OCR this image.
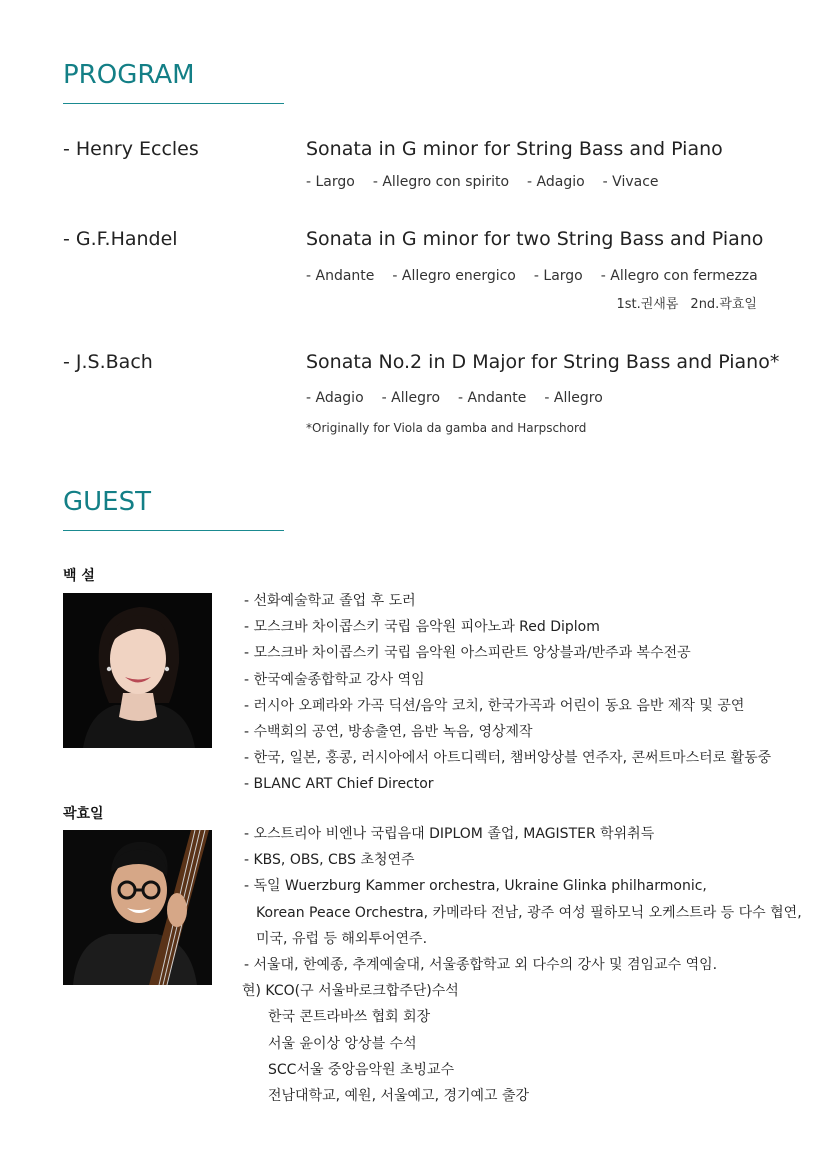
PROGRAM
- Henry Eccles	Sonata in G minor for String Bass and Piano
- Largo - Allegro con spirito - Adagio - Vivace
- G.F.Handel	Sonata in G minor for two String Bass and Piano
- Andante - Allegro energico - Largo - Allegro con fermezza
1st.권새롬 2nd.곽효일
- J.S.Bach	Sonata No.2 in D Major for String Bass and Piano*
- Adagio - Allegro - Andante - Allegro
*Originally for Viola da gamba and Harpschord
GUEST
백 설
- 선화예술학교 졸업 후 도러
- 모스크바 차이콥스키 국립 음악원 피아노과 Red Diplom
- 모스크바 차이콥스키 국립 음악원 아스피란트 앙상블과/반주과 복수전공
- 한국예술종합학교 강사 역임
- 러시아 오페라와 가곡 딕션/음악 코치, 한국가곡과 어린이 동요 음반 제작 및 공연
- 수백회의 공연, 방송출연, 음반 녹음, 영상제작
- 한국, 일본, 홍콩, 러시아에서 아트디렉터, 챔버앙상블 연주자, 콘써트마스터로 활동중
- BLANC ART Chief Director
곽효일
- 오스트리아 비엔나 국립음대 DIPLOM 졸업, MAGISTER 학위취득
- KBS, OBS, CBS 초청연주
- 독일 Wuerzburg Kammer orchestra, Ukraine Glinka philharmonic,
Korean Peace Orchestra, 카메라타 전남, 광주 여성 필하모닉 오케스트라 등 다수 협연,
미국, 유럽 등 해외투어연주.
- 서울대, 한예종, 추계예술대, 서울종합학교 외 다수의 강사 및 겸임교수 역임.
현) KCO(구 서울바로크합주단)수석
한국 콘트라바쓰 협회 회장
서울 윤이상 앙상블 수석
SCC서울 중앙음악원 초빙교수
전남대학교, 예원, 서울예고, 경기예고 출강
